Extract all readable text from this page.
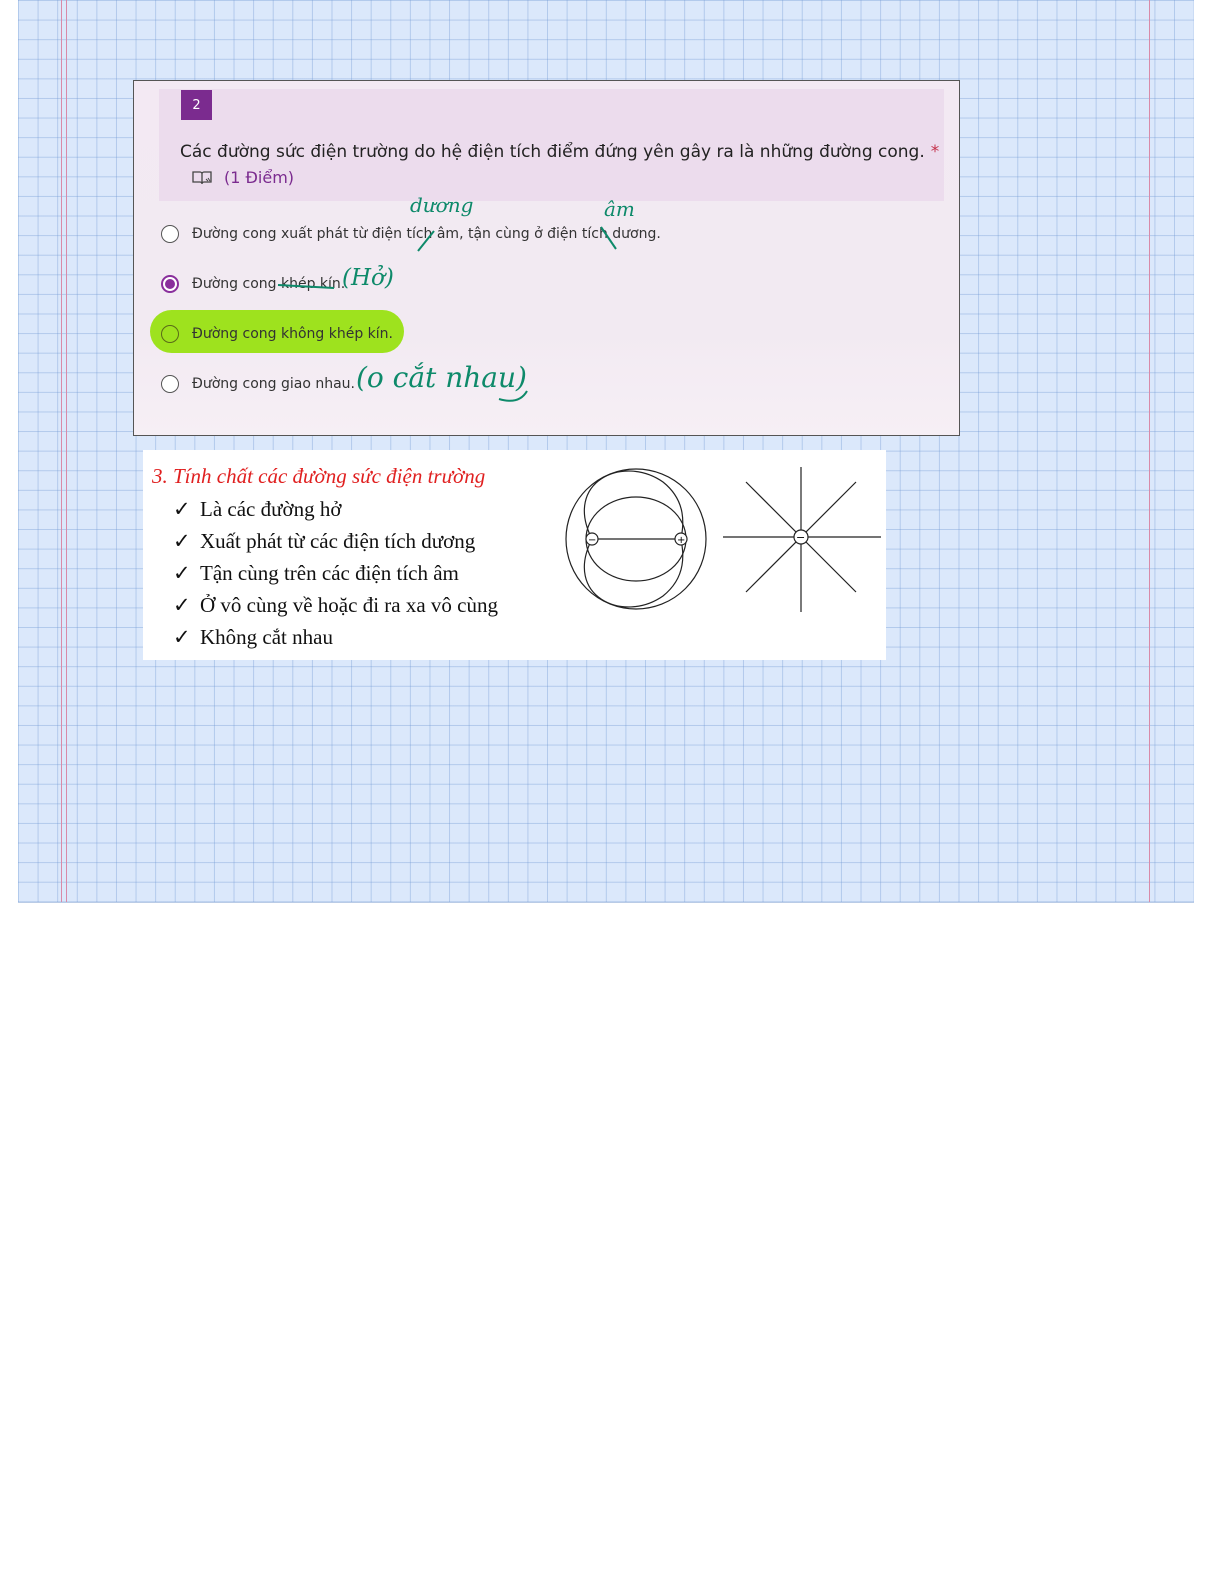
2
Các đường sức điện trường do hệ điện tích điểm đứng yên gây ra là những đường cong. *
(1 Điểm)
Đường cong xuất phát từ điện tích âm, tận cùng ở điện tích dương.
Đường cong khép kín.
Đường cong không khép kín.
Đường cong giao nhau.
dương	âm
(Hở)
(o cắt nhau)
3. Tính chất các đường sức điện trường
✓ Là các đường hở
✓ Xuất phát từ các điện tích dương
✓ Tận cùng trên các điện tích âm
✓ Ở vô cùng về hoặc đi ra xa vô cùng
✓ Không cắt nhau
−	+	−
